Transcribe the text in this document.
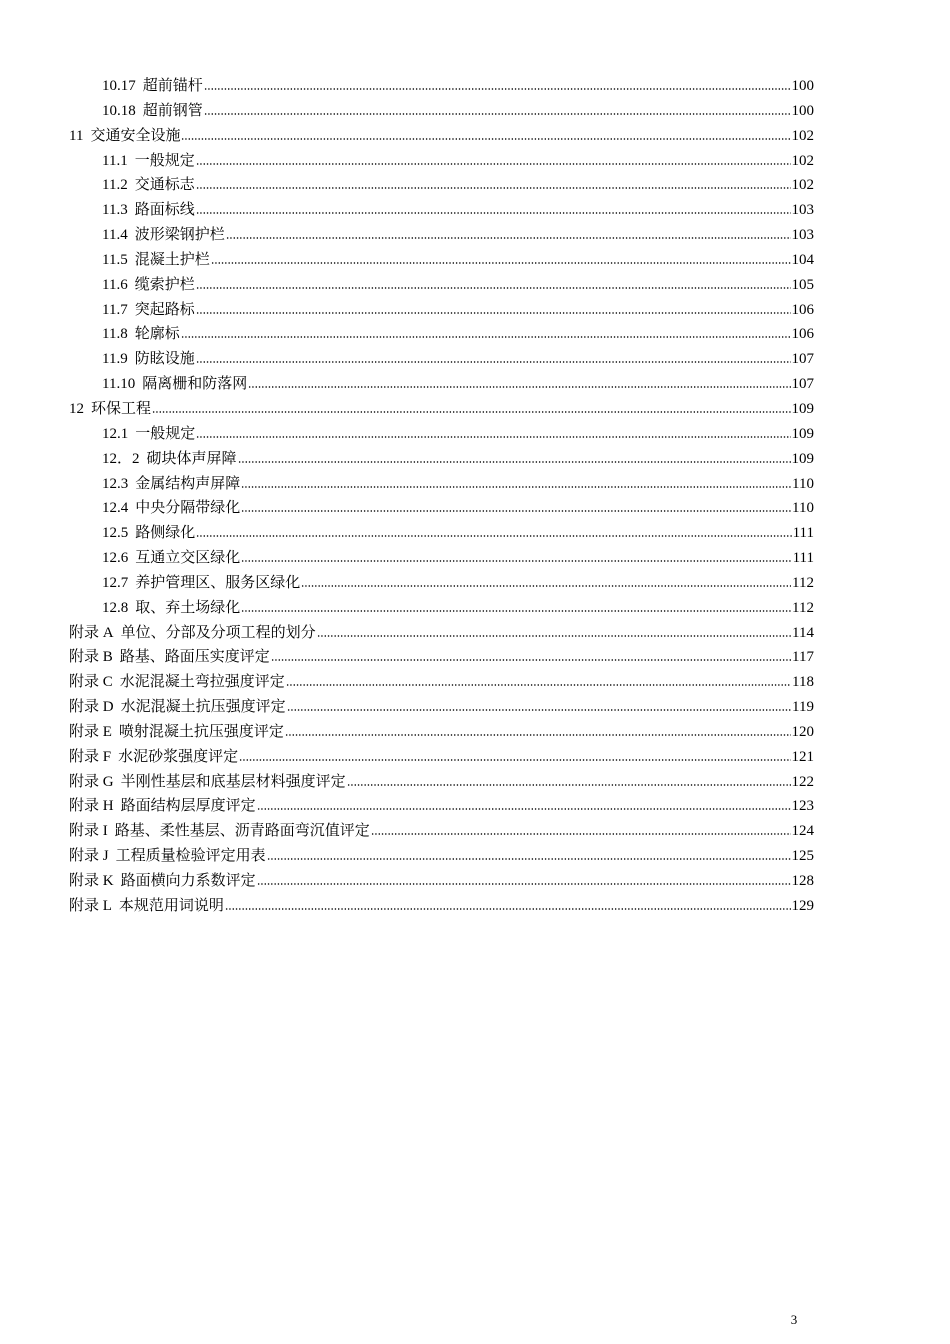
10.17 超前锚杆	100
10.18 超前钢管	100
11 交通安全设施	102
11.1 一般规定	102
11.2 交通标志	102
11.3 路面标线	103
11.4 波形梁钢护栏	103
11.5 混凝土护栏	104
11.6 缆索护栏	105
11.7 突起路标	106
11.8 轮廓标	106
11.9 防眩设施	107
11.10 隔离栅和防落网	107
12 环保工程	109
12.1 一般规定	109
12．2 砌块体声屏障	109
12.3 金属结构声屏障	110
12.4 中央分隔带绿化	110
12.5 路侧绿化	111
12.6 互通立交区绿化	111
12.7 养护管理区、服务区绿化	112
12.8 取、弃土场绿化	112
附录 A 单位、分部及分项工程的划分	114
附录 B 路基、路面压实度评定	117
附录 C 水泥混凝土弯拉强度评定	118
附录 D 水泥混凝土抗压强度评定	119
附录 E 喷射混凝土抗压强度评定	120
附录 F 水泥砂浆强度评定	121
附录 G 半刚性基层和底基层材料强度评定	122
附录 H 路面结构层厚度评定	123
附录 I 路基、柔性基层、沥青路面弯沉值评定	124
附录 J 工程质量检验评定用表	125
附录 K 路面横向力系数评定	128
附录 L 本规范用词说明	129
3
